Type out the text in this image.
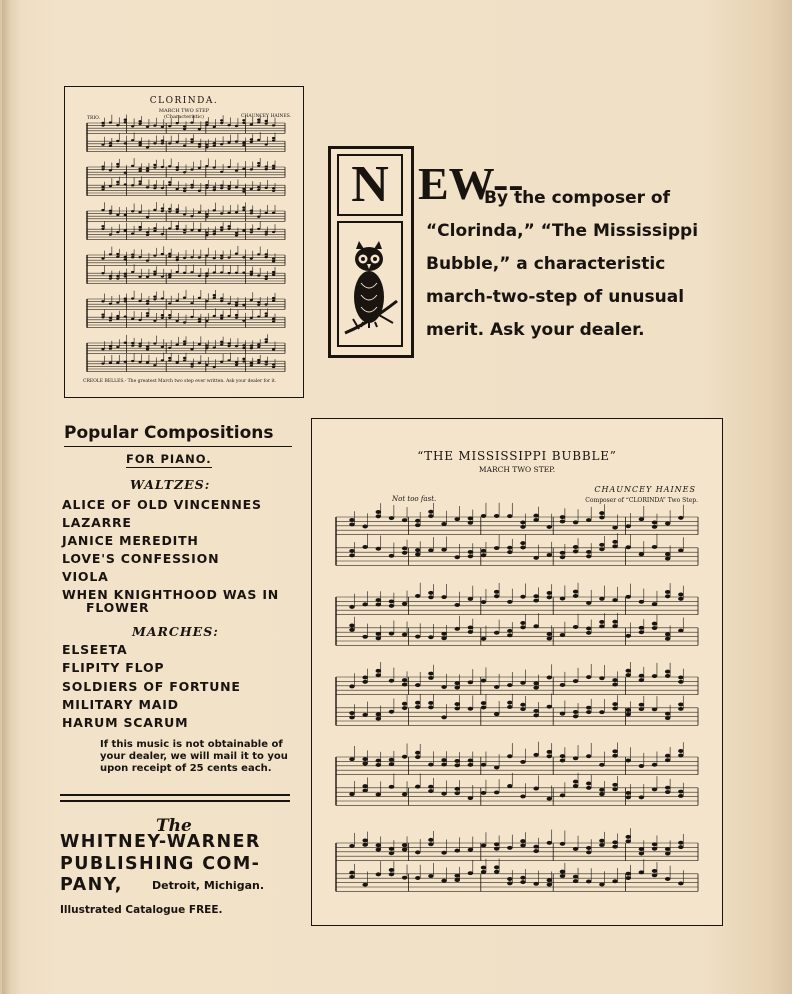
CLORINDA.
MARCH TWO STEP
(Characteristic)
TRIO.	CHAUNCEY HAINES.
CREOLE BELLES.- The greatest March two step ever written. Ask your dealer for it.
N EW--
By the composer of
“Clorinda,” “The Mississippi
Bubble,” a characteristic
march-two-step of unusual
merit. Ask your dealer.
Popular Compositions
FOR PIANO.
WALTZES:
ALICE OF OLD VINCENNES
LAZARRE
JANICE MEREDITH
LOVE'S CONFESSION
VIOLA
WHEN KNIGHTHOOD WAS IN
FLOWER
MARCHES:
ELSEETA
FLIPITY FLOP
SOLDIERS OF FORTUNE
MILITARY MAID
HARUM SCARUM
If this music is not obtainable of your dealer, we will mail it to you upon receipt of 25 cents each.
The
WHITNEY-WARNER
PUBLISHING COM-
PANY,	Detroit, Michigan.
Illustrated Catalogue FREE.
“THE MISSISSIPPI BUBBLE”
MARCH TWO STEP.
CHAUNCEY HAINES
Composer of “CLORINDA” Two Step.
Not too fast.
